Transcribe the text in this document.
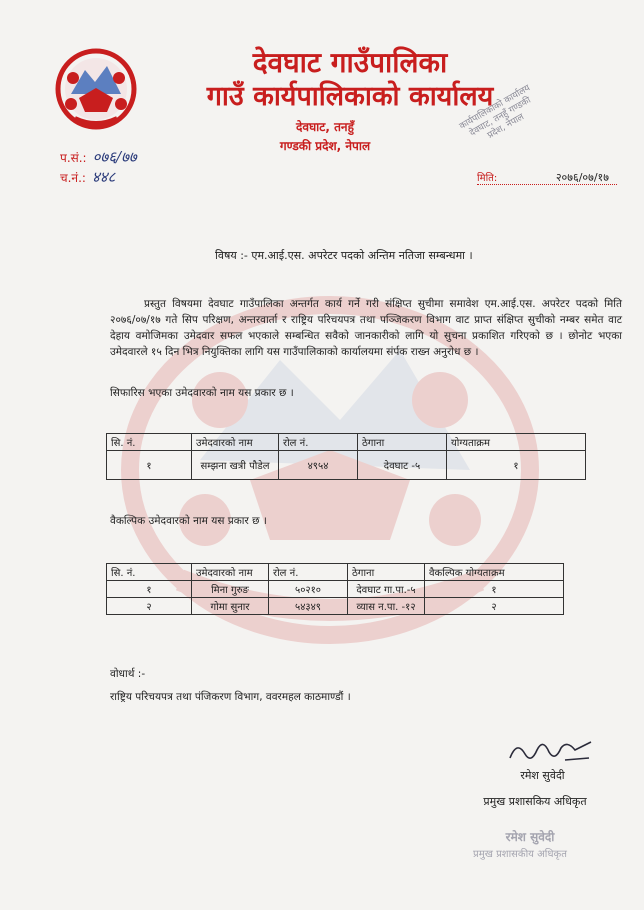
देवघाट गाउँपालिका
गाउँ कार्यपालिकाको कार्यालय
देवघाट, तनहुँ
गण्डकी प्रदेश, नेपाल
कार्यपालिकाको कार्यालय देवघाट, तनहुँ गण्डकी प्रदेश, नेपाल
प.सं.: ०७६/७७
च.नं.: ४४८	मिति:	२०७६/०७/१७
विषय :- एम.आई.एस. अपरेटर पदको अन्तिम नतिजा सम्बन्धमा ।
प्रस्तुत विषयमा देवघाट गाउँपालिका अन्तर्गत कार्य गर्ने गरी संक्षिप्त सुचीमा समावेश एम.आई.एस. अपरेटर पदको मिति २०७६/०७/१७ गते सिप परिक्षण, अन्तरवार्ता र राष्ट्रिय परिचयपत्र तथा पञ्जिकरण विभाग वाट प्राप्त संक्षिप्त सुचीको नम्बर समेत वाट देहाय वमोजिमका उमेदवार सफल भएकाले सम्बन्धित सवैको जानकारीको लागि यो सुचना प्रकाशित गरिएको छ । छोनोट भएका उमेदवारले १५ दिन भित्र नियुक्तिका लागि यस गाउँपालिकाको कार्यालयमा संर्पक राख्न अनुरोध छ ।
सिफारिस भएका उमेदवारको नाम यस प्रकार छ ।
सि. नं.	उमेदवारको नाम	रोल नं.	ठेगाना	योग्यताक्रम
१	सम्झना खत्री पौडेल	४९५४	देवघाट -५	१
वैकल्पिक उमेदवारको नाम यस प्रकार छ ।
सि. नं.	उमेदवारको नाम	रोल नं.	ठेगाना	वैकल्पिक योग्यताक्रम
१	मिना गुरुङ	५०२१०	देवघाट गा.पा.-५	१
२	गोमा सुनार	५४३४९	व्यास न.पा. -१२	२
वोधार्थ :-
राष्ट्रिय परिचयपत्र तथा पंजिकरण विभाग, ववरमहल काठमाण्डौं ।
रमेश सुवेदी
प्रमुख प्रशासकिय अधिकृत
रमेश सुवेदी
प्रमुख प्रशासकीय अधिकृत
